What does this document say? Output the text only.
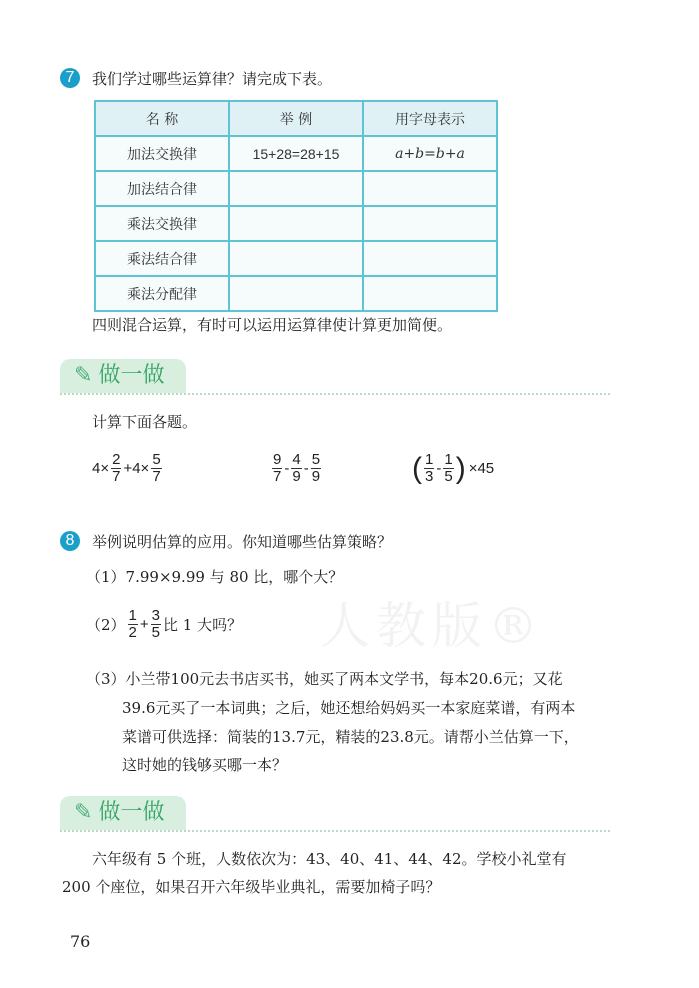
人教版®
7	我们学过哪些运算律？请完成下表。
名 称	举 例	用字母表示
加法交换律	15+28=28+15	a+b=b+a
加法结合律		
乘法交换律		
乘法结合律		
乘法分配律		
四则混合运算，有时可以运用运算律使计算更加简便。
✎ 做一做
计算下面各题。
$4\times \frac{2}{7} +4\times \frac{5}{7}$	$\frac{9}{7} - \frac{4}{9} - \frac{5}{9}$	( $\frac{1}{3} - \frac{1}{5}$ ) ×45
8	举例说明估算的应用。你知道哪些估算策略？
（1）7.99×9.99 与 80 比，哪个大？
$(2) \frac{1}{2} + \frac{3}{5}$ 比 1 大吗？
（3）小兰带100元去书店买书，她买了两本文学书，每本20.6元；又花
39.6元买了一本词典；之后，她还想给妈妈买一本家庭菜谱，有两本
菜谱可供选择：简装的13.7元，精装的23.8元。请帮小兰估算一下，
这时她的钱够买哪一本？
✎ 做一做
六年级有 5 个班，人数依次为：43、40、41、44、42。学校小礼堂有
200 个座位，如果召开六年级毕业典礼，需要加椅子吗？
76
